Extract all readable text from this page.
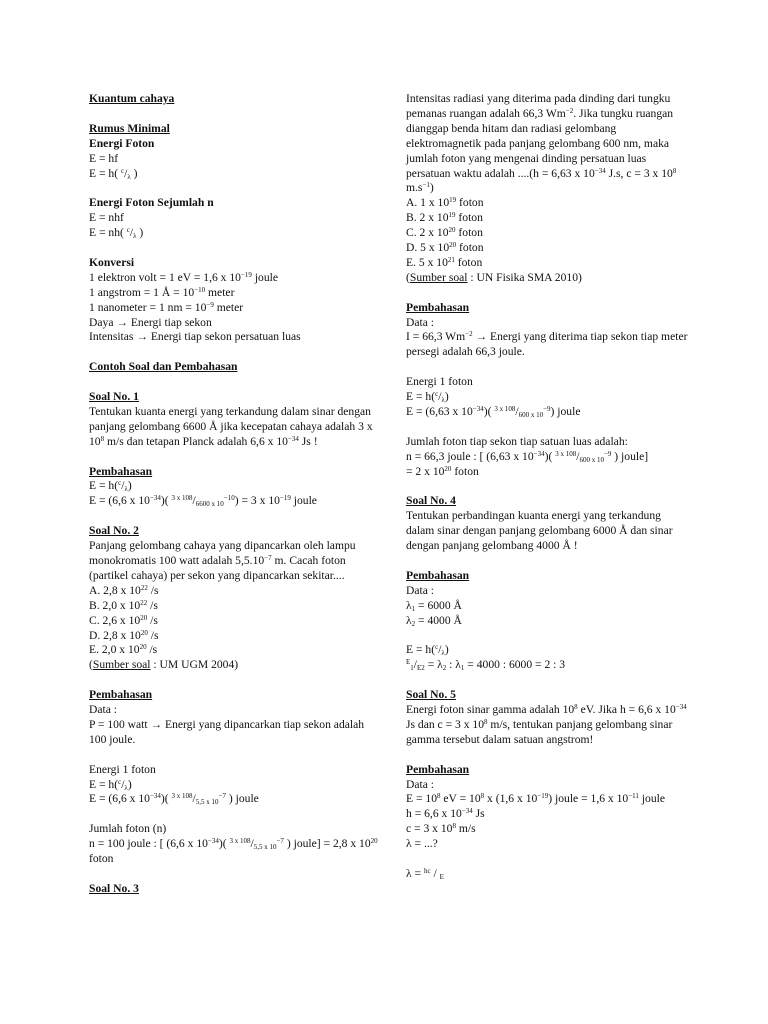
Kuantum cahaya

Rumus Minimal

Energi Foton

E = hf

E = h( $^c/_\lambda$ )

Energi Foton Sejumlah n

E = nhf

E = nh( $^c/_\lambda$ )

Konversi

1 elektron volt = 1 eV = 1,6 x $10^{-19}$ joule

1 angstrom = 1 Å = $10^{-10}$ meter

1 nanometer = 1 nm = $10^{-9}$ meter

Daya → Energi tiap sekon

Intensitas → Energi tiap sekon persatuan luas

Contoh Soal dan Pembahasan

Soal No. 1

Tentukan kuanta energi yang terkandung dalam sinar dengan panjang gelombang 6600 Å jika kecepatan cahaya adalah 3 x $10^8$ m/s dan tetapan Planck adalah 6,6 x $10^{-34}$ Js !

Pembahasan

$E = h(^c/_\lambda)$

E = (6,6 x $10^{-34}$)( $^{3 x 108}/_{6600 x 10}^{-10}) = 3$ x $10^{-19}$ joule

Soal No. 2

Panjang gelombang cahaya yang dipancarkan oleh lampu monokromatis 100 watt adalah $5,5.10^{-7}$ m. Cacah foton (partikel cahaya) per sekon yang dipancarkan sekitar....

A. 2,8 x $10^{22}$ /s

B. 2,0 x $10^{22}$ /s

C. 2,6 x $10^{20}$ /s

D. 2,8 x $10^{20}$ /s

E. 2,0 x $10^{20}$ /s

(Sumber soal : UM UGM 2004)

Pembahasan

Data :

P = 100 watt → Energi yang dipancarkan tiap sekon adalah 100 joule.

Energi 1 foton

$E = h(^c/_\lambda)$

E = (6,6 x $10^{-34}$)( $^{3 x 108}/_{5,5 x 10}^{-7}$ ) joule

Jumlah foton (n)

n = 100 joule : [ (6,6 x $10^{-34}$)( $^{3 x 108}/_{5,5 x 10}^{-7}$ ) joule] = 2,8 x $10^{20}$ foton

Soal No. 3

Intensitas radiasi yang diterima pada dinding dari tungku pemanas ruangan adalah 66,3 $Wm^{-2}$. Jika tungku ruangan dianggap benda hitam dan radiasi gelombang elektromagnetik pada panjang gelombang 600 nm, maka jumlah foton yang mengenai dinding persatuan luas persatuan waktu adalah ....(h = 6,63 x $10^{-34}$ J.s, c = 3 x $10^8$ $m.s^{-1}$)

A. 1 x $10^{19}$ foton

B. 2 x $10^{19}$ foton

C. 2 x $10^{20}$ foton

D. 5 x $10^{20}$ foton

E. 5 x $10^{21}$ foton

(Sumber soal : UN Fisika SMA 2010)

Pembahasan

Data :

I = 66,3 $Wm^{-2}$ → Energi yang diterima tiap sekon tiap meter persegi adalah 66,3 joule.

Energi 1 foton

$E = h(^c/_\lambda)$

E = (6,63 x $10^{-34}$)( $^{3 x 108}/_{600 x 10}^{-9}$) joule

Jumlah foton tiap sekon tiap satuan luas adalah:

n = 66,3 joule : [ (6,63 x $10^{-34}$)( $^{3 x 108}/_{600 x 10}^{-9}$ ) joule]

= 2 x $10^{20}$ foton

Soal No. 4

Tentukan perbandingan kuanta energi yang terkandung dalam sinar dengan panjang gelombang 6000 Å dan sinar dengan panjang gelombang 4000 Å !

Pembahasan

Data :

$\lambda_1 = 6000$ Å

$\lambda_2 = 4000$ Å

$E = h(^c/_\lambda)$

$^E_1/_{E2} = \lambda_2$ : $\lambda_1 = 4000$ : 6000 = 2 : 3

Soal No. 5

Energi foton sinar gamma adalah $10^8$ eV. Jika h = 6,6 x $10^{-34}$ Js dan c = 3 x $10^8$ m/s, tentukan panjang gelombang sinar gamma tersebut dalam satuan angstrom!

Pembahasan

Data :

$E = 10^8$ eV = $10^8$ x (1,6 x $10^{-19}$) joule = 1,6 x $10^{-11}$ joule

h = 6,6 x $10^{-34}$ Js

c = 3 x $10^8$ m/s

λ = ...?

λ = $^{hc}$ / $_E$
